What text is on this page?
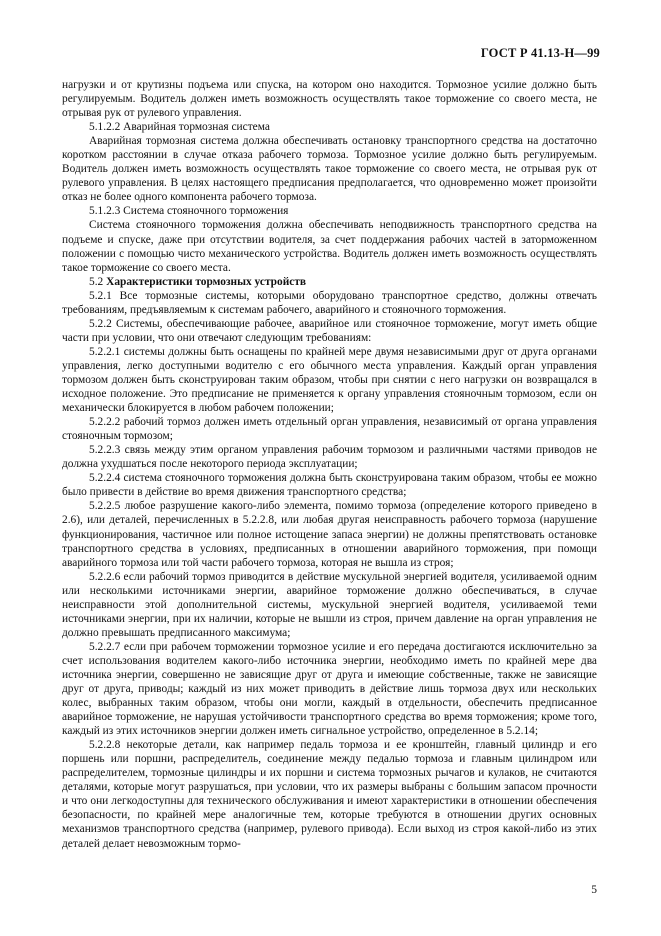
ГОСТ Р 41.13-Н—99

нагрузки и от крутизны подъема или спуска, на котором оно находится. Тормозное усилие должно быть регулируемым. Водитель должен иметь возможность осуществлять такое торможение со своего места, не отрывая рук от рулевого управления.

5.1.2.2 Аварийная тормозная система

Аварийная тормозная система должна обеспечивать остановку транспортного средства на достаточно коротком расстоянии в случае отказа рабочего тормоза. Тормозное усилие должно быть регулируемым. Водитель должен иметь возможность осуществлять такое торможение со своего места, не отрывая рук от рулевого управления. В целях настоящего предписания предполагается, что одновременно может произойти отказ не более одного компонента рабочего тормоза.

5.1.2.3 Система стояночного торможения

Система стояночного торможения должна обеспечивать неподвижность транспортного средства на подъеме и спуске, даже при отсутствии водителя, за счет поддержания рабочих частей в заторможенном положении с помощью чисто механического устройства. Водитель должен иметь возможность осуществлять такое торможение со своего места.

5.2 Характеристики тормозных устройств

5.2.1 Все тормозные системы, которыми оборудовано транспортное средство, должны отвечать требованиям, предъявляемым к системам рабочего, аварийного и стояночного торможения.

5.2.2 Системы, обеспечивающие рабочее, аварийное или стояночное торможение, могут иметь общие части при условии, что они отвечают следующим требованиям:

5.2.2.1 системы должны быть оснащены по крайней мере двумя независимыми друг от друга органами управления, легко доступными водителю с его обычного места управления. Каждый орган управления тормозом должен быть сконструирован таким образом, чтобы при снятии с него нагрузки он возвращался в исходное положение. Это предписание не применяется к органу управления стояночным тормозом, если он механически блокируется в любом рабочем положении;

5.2.2.2 рабочий тормоз должен иметь отдельный орган управления, независимый от органа управления стояночным тормозом;

5.2.2.3 связь между этим органом управления рабочим тормозом и различными частями приводов не должна ухудшаться после некоторого периода эксплуатации;

5.2.2.4 система стояночного торможения должна быть сконструирована таким образом, чтобы ее можно было привести в действие во время движения транспортного средства;

5.2.2.5 любое разрушение какого-либо элемента, помимо тормоза (определение которого приведено в 2.6), или деталей, перечисленных в 5.2.2.8, или любая другая неисправность рабочего тормоза (нарушение функционирования, частичное или полное истощение запаса энергии) не должны препятствовать остановке транспортного средства в условиях, предписанных в отношении аварийного торможения, при помощи аварийного тормоза или той части рабочего тормоза, которая не вышла из строя;

5.2.2.6 если рабочий тормоз приводится в действие мускульной энергией водителя, усиливаемой одним или несколькими источниками энергии, аварийное торможение должно обеспечиваться, в случае неисправности этой дополнительной системы, мускульной энергией водителя, усиливаемой теми источниками энергии, при их наличии, которые не вышли из строя, причем давление на орган управления не должно превышать предписанного максимума;

5.2.2.7 если при рабочем торможении тормозное усилие и его передача достигаются исключительно за счет использования водителем какого-либо источника энергии, необходимо иметь по крайней мере два источника энергии, совершенно не зависящие друг от друга и имеющие собственные, также не зависящие друг от друга, приводы; каждый из них может приводить в действие лишь тормоза двух или нескольких колес, выбранных таким образом, чтобы они могли, каждый в отдельности, обеспечить предписанное аварийное торможение, не нарушая устойчивости транспортного средства во время торможения; кроме того, каждый из этих источников энергии должен иметь сигнальное устройство, определенное в 5.2.14;

5.2.2.8 некоторые детали, как например педаль тормоза и ее кронштейн, главный цилиндр и его поршень или поршни, распределитель, соединение между педалью тормоза и главным цилиндром или распределителем, тормозные цилиндры и их поршни и система тормозных рычагов и кулаков, не считаются деталями, которые могут разрушаться, при условии, что их размеры выбраны с большим запасом прочности и что они легкодоступны для технического обслуживания и имеют характеристики в отношении обеспечения безопасности, по крайней мере аналогичные тем, которые требуются в отношении других основных механизмов транспортного средства (например, рулевого привода). Если выход из строя какой-либо из этих деталей делает невозможным тормо-

5
